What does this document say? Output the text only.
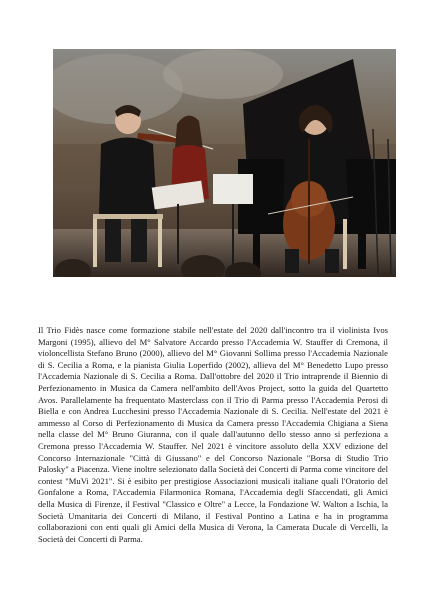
Il Trio Fidès nasce come formazione stabile nell'estate del 2020 dall'incontro tra il violinista Ivos Margoni (1995), allievo del M° Salvatore Accardo presso l'Accademia W. Stauffer di Cremona, il violoncellista Stefano Bruno (2000), allievo del M° Giovanni Sollima presso l'Accademia Nazionale di S. Cecilia a Roma, e la pianista Giulia Loperfido (2002), allieva del M° Benedetto Lupo presso l'Accademia Nazionale di S. Cecilia a Roma. Dall'ottobre del 2020 il Trio intraprende il Biennio di Perfezionamento in Musica da Camera nell'ambito dell'Avos Project, sotto la guida del Quartetto Avos. Parallelamente ha frequentato Masterclass con il Trio di Parma presso l'Accademia Perosi di Biella e con Andrea Lucchesini presso l'Accademia Nazionale di S. Cecilia. Nell'estate del 2021 è ammesso al Corso di Perfezionamento di Musica da Camera presso l'Accademia Chigiana a Siena nella classe del M° Bruno Giuranna, con il quale dall'autunno dello stesso anno si perfeziona a Cremona presso l'Accademia W. Stauffer. Nel 2021 è vincitore assoluto della XXV edizione del Concorso Internazionale "Città di Giussano" e del Concorso Nazionale "Borsa di Studio Trio Palosky" a Piacenza. Viene inoltre selezionato dalla Società dei Concerti di Parma come vincitore del contest "MuVi 2021". Si è esibito per prestigiose Associazioni musicali italiane quali l'Oratorio del Gonfalone a Roma, l'Accademia Filarmonica Romana, l'Accademia degli Sfaccendati, gli Amici della Musica di Firenze, il Festival "Classico e Oltre" a Lecce, la Fondazione W. Walton a Ischia, la Società Umanitaria dei Concerti di Milano, il Festival Pontino a Latina e ha in programma collaborazioni con enti quali gli Amici della Musica di Verona, la Camerata Ducale di Vercelli, la Società dei Concerti di Parma.
